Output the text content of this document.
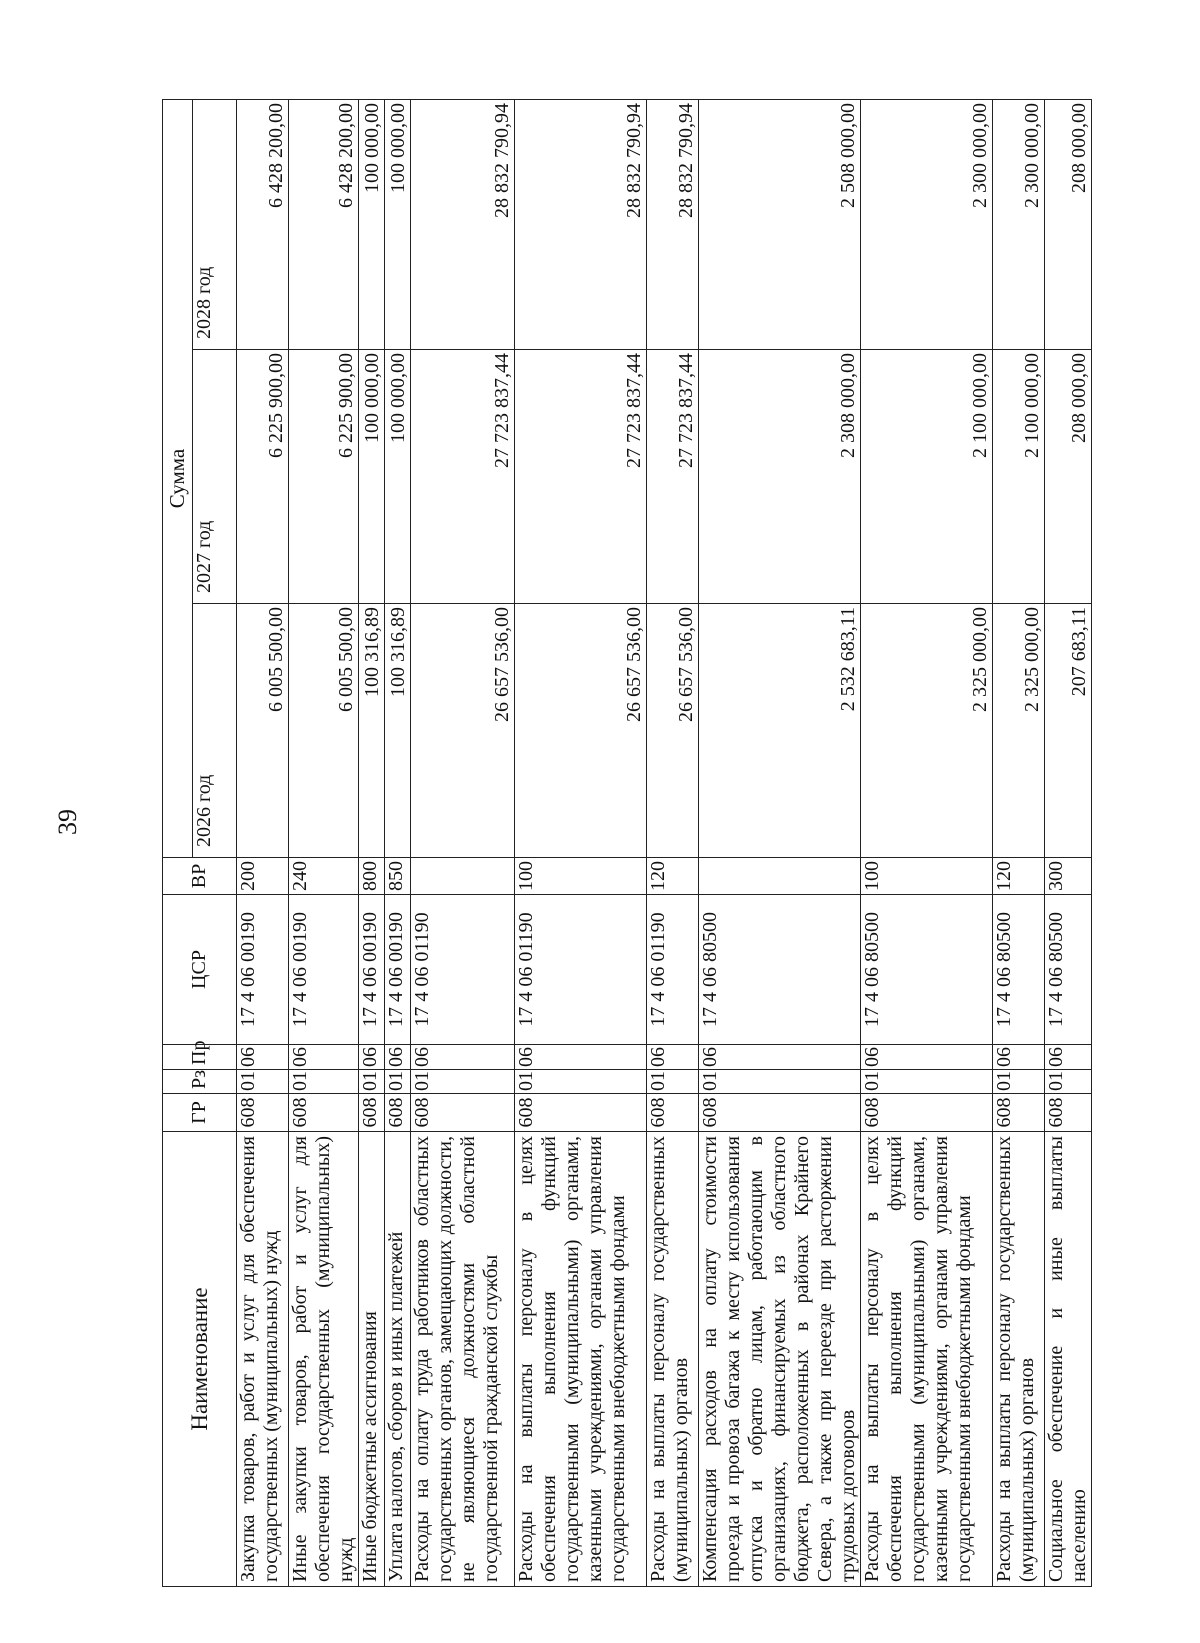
39
Наименование	ГР	Рз	Пр	ЦСР	ВР	Сумма		
						2026 год	2027 год	2028 год
Закупка товаров, работ и услуг для обеспечения государственных (муниципальных) нужд	608	01	06	17 4 06 00190	200	6 005 500,00	6 225 900,00	6 428 200,00
Иные закупки товаров, работ и услуг для обеспечения государственных (муниципальных) нужд	608	01	06	17 4 06 00190	240	6 005 500,00	6 225 900,00	6 428 200,00
Иные бюджетные ассигнования	608	01	06	17 4 06 00190	800	100 316,89	100 000,00	100 000,00
Уплата налогов, сборов и иных платежей	608	01	06	17 4 06 00190	850	100 316,89	100 000,00	100 000,00
Расходы на оплату труда работников областных государственных органов, замещающих должности, не являющиеся должностями областной государственной гражданской службы	608	01	06	17 4 06 01190		26 657 536,00	27 723 837,44	28 832 790,94
Расходы на выплаты персоналу в целях обеспечения выполнения функций государственными (муниципальными) органами, казенными учреждениями, органами управления государственными внебюджетными фондами	608	01	06	17 4 06 01190	100	26 657 536,00	27 723 837,44	28 832 790,94
Расходы на выплаты персоналу государственных (муниципальных) органов	608	01	06	17 4 06 01190	120	26 657 536,00	27 723 837,44	28 832 790,94
Компенсация расходов на оплату стоимости проезда и провоза багажа к месту использования отпуска и обратно лицам, работающим в организациях, финансируемых из областного бюджета, расположенных в районах Крайнего Севера, а также при переезде при расторжении трудовых договоров	608	01	06	17 4 06 80500		2 532 683,11	2 308 000,00	2 508 000,00
Расходы на выплаты персоналу в целях обеспечения выполнения функций государственными (муниципальными) органами, казенными учреждениями, органами управления государственными внебюджетными фондами	608	01	06	17 4 06 80500	100	2 325 000,00	2 100 000,00	2 300 000,00
Расходы на выплаты персоналу государственных (муниципальных) органов	608	01	06	17 4 06 80500	120	2 325 000,00	2 100 000,00	2 300 000,00
Социальное обеспечение и иные выплаты населению	608	01	06	17 4 06 80500	300	207 683,11	208 000,00	208 000,00
